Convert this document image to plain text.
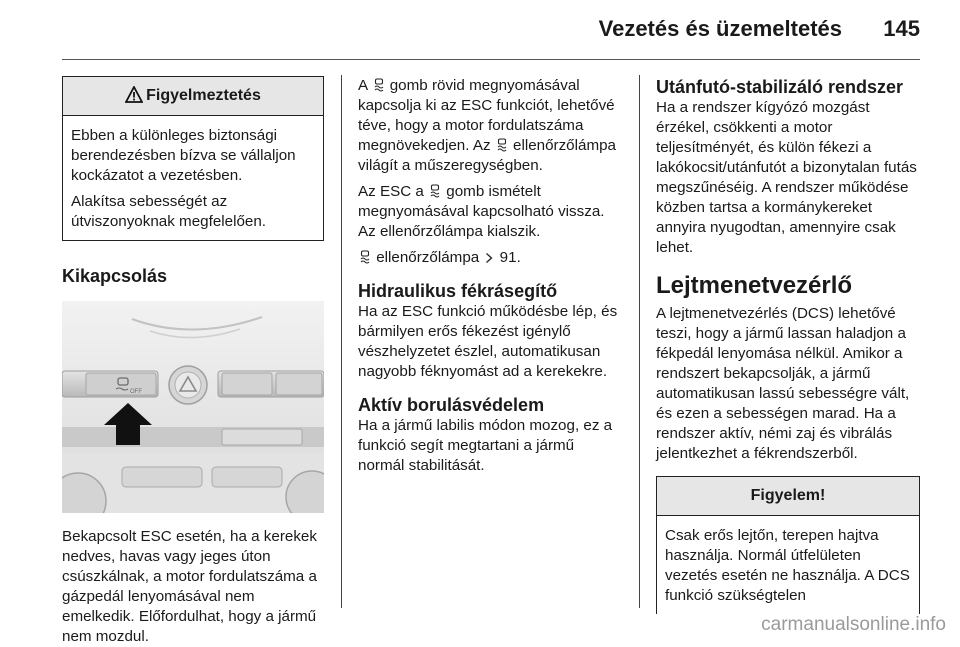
Vezetés és üzemeltetés 145
Figyelmeztetés

Ebben a különleges biztonsági berendezésben bízva se vállaljon kockázatot a vezetésben.

Alakítsa sebességét az útviszonyoknak megfelelően.

Kikapcsolás

OFF

Bekapcsolt ESC esetén, ha a kerekek nedves, havas vagy jeges úton csúszkálnak, a motor fordulatszáma a gázpedál lenyomásával nem emelkedik. Előfordulhat, hogy a jármű nem mozdul.

A  gomb rövid megnyomásával kapcsolja ki az ESC funkciót, lehetővé téve, hogy a motor fordulatszáma megnövekedjen. Az  ellenőrzőlámpa világít a műszeregységben.

Az ESC a  gomb ismételt megnyomásával kapcsolható vissza. Az ellenőrzőlámpa kialszik.

ellenőrzőlámpa  91.

Hidraulikus fékrásegítő

Ha az ESC funkció működésbe lép, és bármilyen erős fékezést igénylő vészhelyzetet észlel, automatikusan nagyobb féknyomást ad a kerekekre.

Aktív borulásvédelem

Ha a jármű labilis módon mozog, ez a funkció segít megtartani a jármű normál stabilitását.

Utánfutó-stabilizáló rendszer

Ha a rendszer kígyózó mozgást érzékel, csökkenti a motor teljesítményét, és külön fékezi a lakókocsit/utánfutót a bizonytalan futás megszűnéséig. A rendszer működése közben tartsa a kormánykereket annyira nyugodtan, amennyire csak lehet.

Lejtmenetvezérlő

A lejtmenetvezérlés (DCS) lehetővé teszi, hogy a jármű lassan haladjon a fékpedál lenyomása nélkül. Amikor a rendszert bekapcsolják, a jármű automatikusan lassú sebességre vált, és ezen a sebességen marad. Ha a rendszer aktív, némi zaj és vibrálás jelentkezhet a fékrendszerből.

Figyelem!

Csak erős lejtőn, terepen hajtva használja. Normál útfelületen vezetés esetén ne használja. A DCS funkció szükségtelen

carmanualsonline.info
